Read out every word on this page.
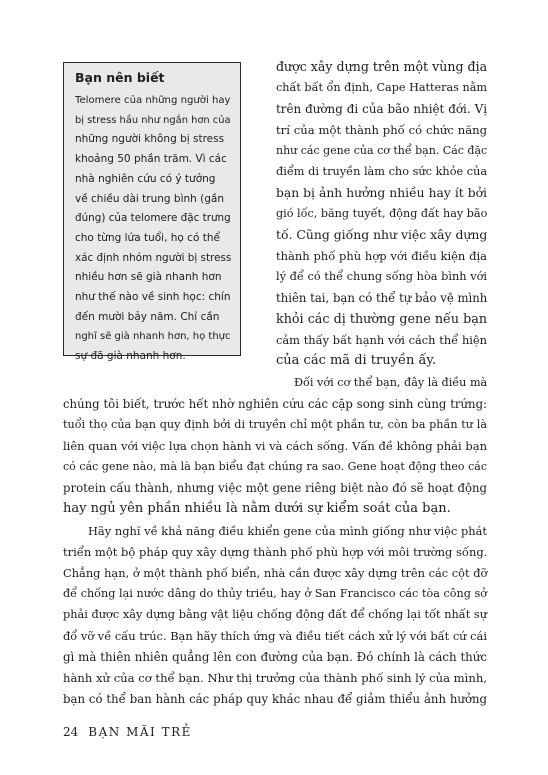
Bạn nên biết
Telomere của những người hay
bị stress hầu như ngắn hơn của
những người không bị stress
khoảng 50 phần trăm. Vì các
nhà nghiên cứu có ý tưởng
về chiều dài trung bình (gần
đúng) của telomere đặc trưng
cho từng lứa tuổi, họ có thể
xác định nhóm người bị stress
nhiều hơn sẽ già nhanh hơn
như thế nào về sinh học: chín
đến mười bảy năm. Chỉ cần
nghĩ sẽ già nhanh hơn, họ thực
sự đã già nhanh hơn.
được xây dựng trên một vùng địa
chất bất ổn định, Cape Hatteras nằm
trên đường đi của bão nhiệt đới. Vị
trí của một thành phố có chức năng
như các gene của cơ thể bạn. Các đặc
điểm di truyền làm cho sức khỏe của
bạn bị ảnh hưởng nhiều hay ít bởi
gió lốc, băng tuyết, động đất hay bão
tố. Cũng giống như việc xây dựng
thành phố phù hợp với điều kiện địa
lý để có thể chung sống hòa bình với
thiên tai, bạn có thể tự bảo vệ mình
khỏi các dị thường gene nếu bạn
cảm thấy bất hạnh với cách thể hiện
của các mã di truyền ấy.
Đối với cơ thể bạn, đây là điều mà
chúng tôi biết, trước hết nhờ nghiên cứu các cặp song sinh cùng trứng:
tuổi thọ của bạn quy định bởi di truyền chỉ một phần tư, còn ba phần tư là
liên quan với việc lựa chọn hành vi và cách sống. Vấn đề không phải bạn
có các gene nào, mà là bạn biểu đạt chúng ra sao. Gene hoạt động theo các
protein cấu thành, nhưng việc một gene riêng biệt nào đó sẽ hoạt động
hay ngủ yên phần nhiều là nằm dưới sự kiểm soát của bạn.
Hãy nghĩ về khả năng điều khiển gene của mình giống như việc phát
triển một bộ pháp quy xây dựng thành phố phù hợp với môi trường sống.
Chẳng hạn, ở một thành phố biển, nhà cần được xây dựng trên các cột đỡ
để chống lại nước dâng do thủy triều, hay ở San Francisco các tòa công sở
phải được xây dựng bằng vật liệu chống động đất để chống lại tốt nhất sự
đổ vỡ về cấu trúc. Bạn hãy thích ứng và điều tiết cách xử lý với bất cứ cái
gì mà thiên nhiên quẳng lên con đường của bạn. Đó chính là cách thức
hành xử của cơ thể bạn. Như thị trưởng của thành phố sinh lý của mình,
bạn có thể ban hành các pháp quy khác nhau để giảm thiểu ảnh hưởng
24 BẠN MÃI TRẺ
